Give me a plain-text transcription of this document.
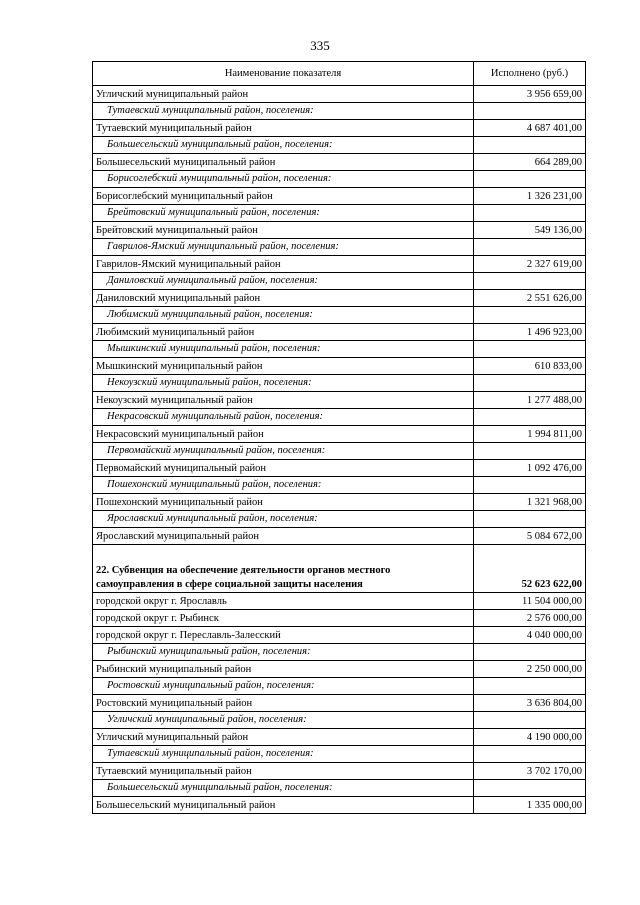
335
Наименование показателя	Исполнено (руб.)
Угличский муниципальный район	3 956 659,00
Тутаевский муниципальный район, поселения:	
Тутаевский муниципальный район	4 687 401,00
Большесельский муниципальный район, поселения:	
Большесельский муниципальный район	664 289,00
Борисоглебский муниципальный район, поселения:	
Борисоглебский муниципальный район	1 326 231,00
Брейтовский муниципальный район, поселения:	
Брейтовский муниципальный район	549 136,00
Гаврилов-Ямский муниципальный район, поселения:	
Гаврилов-Ямский муниципальный район	2 327 619,00
Даниловский муниципальный район, поселения:	
Даниловский муниципальный район	2 551 626,00
Любимский муниципальный район, поселения:	
Любимский муниципальный район	1 496 923,00
Мышкинский муниципальный район, поселения:	
Мышкинский муниципальный район	610 833,00
Некоузский муниципальный район, поселения:	
Некоузский муниципальный район	1 277 488,00
Некрасовский муниципальный район, поселения:	
Некрасовский муниципальный район	1 994 811,00
Первомайский муниципальный район, поселения:	
Первомайский муниципальный район	1 092 476,00
Пошехонский муниципальный район, поселения:	
Пошехонский муниципальный район	1 321 968,00
Ярославский муниципальный район, поселения:	
Ярославский муниципальный район	5 084 672,00
22. Субвенция на обеспечение деятельности органов местного самоуправления в сфере социальной защиты населения	52 623 622,00
городской округ г. Ярославль	11 504 000,00
городской округ г. Рыбинск	2 576 000,00
городской округ г. Переславль-Залесский	4 040 000,00
Рыбинский муниципальный район, поселения:	
Рыбинский муниципальный район	2 250 000,00
Ростовский муниципальный район, поселения:	
Ростовский муниципальный район	3 636 804,00
Угличский муниципальный район, поселения:	
Угличский муниципальный район	4 190 000,00
Тутаевский муниципальный район, поселения:	
Тутаевский муниципальный район	3 702 170,00
Большесельский муниципальный район, поселения:	
Большесельский муниципальный район	1 335 000,00
